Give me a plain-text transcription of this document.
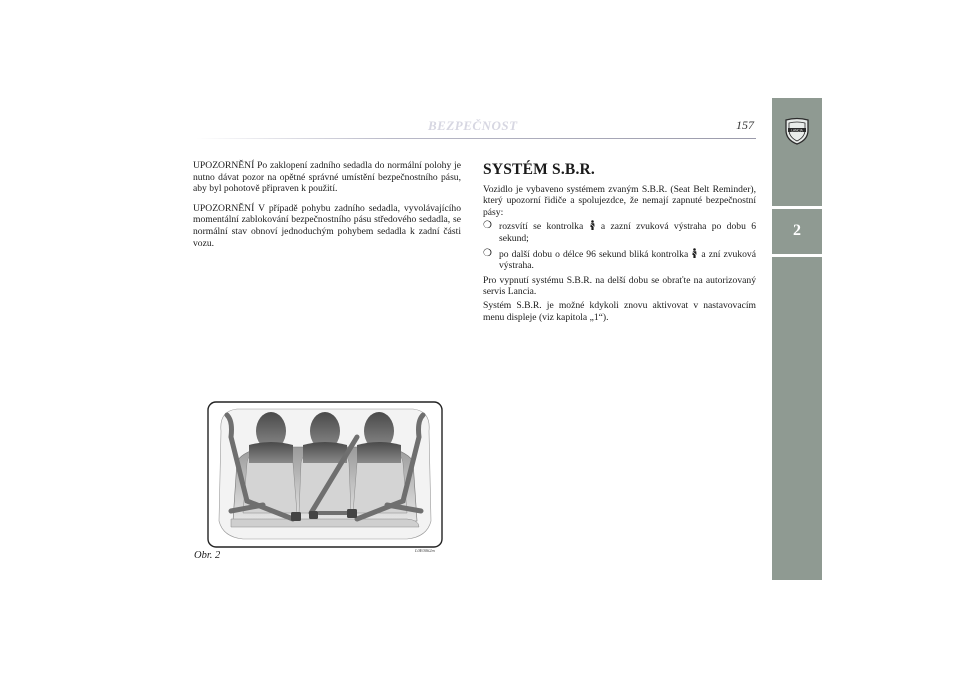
BEZPEČNOST	157	LANCIA
2

UPOZORNĚNÍ Po zaklopení zadního sedadla do normální polohy je nutno dávat pozor na opětné správné umístění bezpečnostního pásu, aby byl pohotově připraven k použití.

UPOZORNĚNÍ V případě pohybu zadního sedadla, vyvolávajícího momentální zablokování bezpečnostního pásu středového sedadla, se normální stav obnoví jednoduchým pohybem sedadla k zadní části vozu.

SYSTÉM S.B.R.

Vozidlo je vybaveno systémem zvaným S.B.R. (Seat Belt Reminder), který upozorní řidiče a spolujezdce, že nemají zapnuté bezpečnostní pásy:

❍ rozsvítí se kontrolka a zazní zvuková výstraha po dobu 6 sekund;
❍ po další dobu o délce 96 sekund bliká kontrolka a zní zvuková výstraha.

Pro vypnutí systému S.B.R. na delší dobu se obraťte na autorizovaný servis Lancia.

Systém S.B.R. je možné kdykoli znovu aktivovat v nastavovacím menu displeje (viz kapitola „1“).

Obr. 2	L0E0062m
